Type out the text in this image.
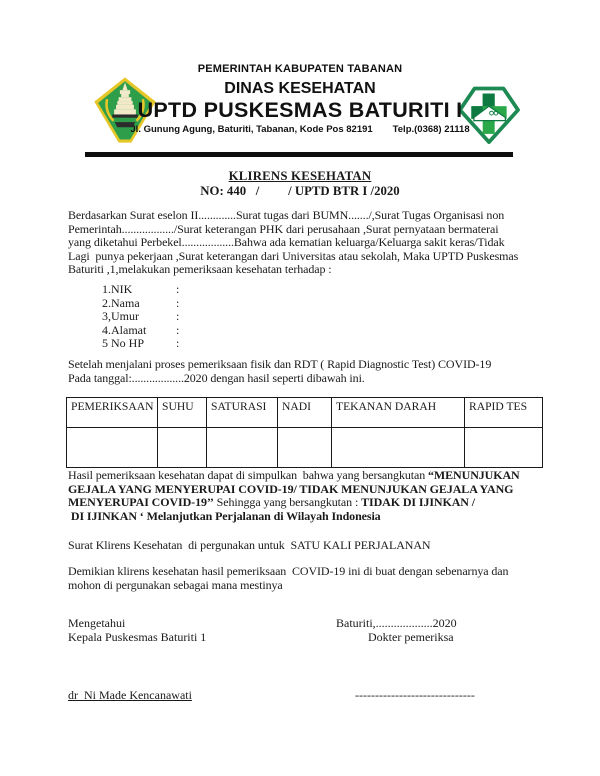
PEMERINTAH KABUPATEN TABANAN
DINAS KESEHATAN
UPTD PUSKESMAS BATURITI I
Jl. Gunung Agung, Baturiti, Tabanan, Kode Pos 82191 Telp.(0368) 21118
KLIRENS KESEHATAN
NO: 440   /         / UPTD BTR I /2020
Berdasarkan Surat eselon II.............Surat tugas dari BUMN......./,Surat Tugas Organisasi non
Pemerintah................../Surat keterangan PHK dari perusahaan ,Surat pernyataan bermaterai
yang diketahui Perbekel..................Bahwa ada kematian keluarga/Keluarga sakit keras/Tidak
Lagi  punya pekerjaan ,Surat keterangan dari Universitas atau sekolah, Maka UPTD Puskesmas
Baturiti ,1,melakukan pemeriksaan kesehatan terhadap :
1.NIK	:
2.Nama	:
3,Umur	:
4.Alamat	:
5 No HP	:
Setelah menjalani proses pemeriksaan fisik dan RDT ( Rapid Diagnostic Test) COVID-19
Pada tanggal:..................2020 dengan hasil seperti dibawah ini.
PEMERIKSAAN	SUHU	SATURASI	NADI	TEKANAN DARAH	RAPID TES

Hasil pemeriksaan kesehatan dapat di simpulkan  bahwa yang bersangkutan “MENUNJUKAN
GEJALA YANG MENYERUPAI COVID-19/ TIDAK MENUNJUKAN GEJALA YANG
MENYERUPAI COVID-19’’ Sehingga yang bersangkutan : TIDAK DI IJINKAN /
DI IJINKAN ‘ Melanjutkan Perjalanan di Wilayah Indonesia
Surat Klirens Kesehatan  di pergunakan untuk  SATU KALI PERJALANAN
Demikian klirens kesehatan hasil pemeriksaan  COVID-19 ini di buat dengan sebenarnya dan
mohon di pergunakan sebagai mana mestinya
Mengetahui	Baturiti,...................2020
Kepala Puskesmas Baturiti 1	Dokter pemeriksa
dr  Ni Made Kencanawati	------------------------------
